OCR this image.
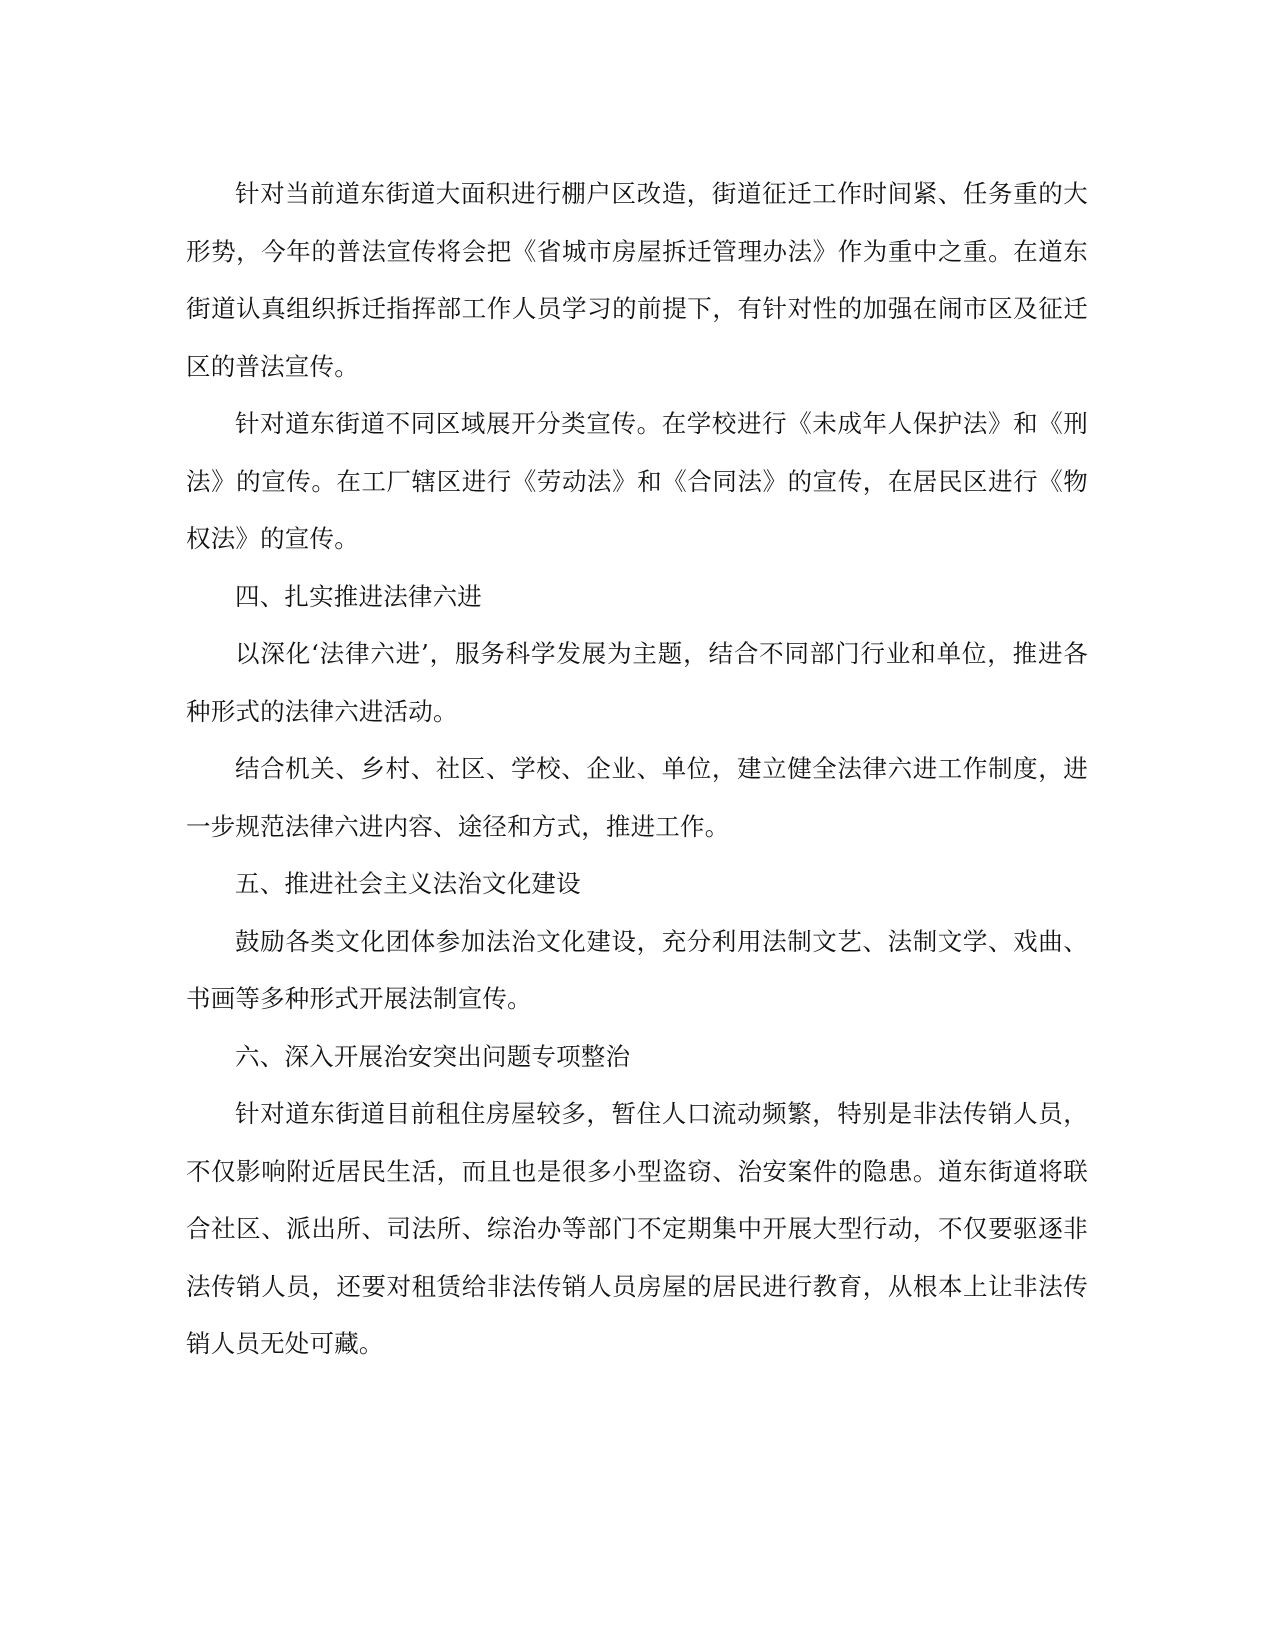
针对当前道东街道大面积进行棚户区改造，街道征迁工作时间紧、任务重的大形势，今年的普法宣传将会把《省城市房屋拆迁管理办法》作为重中之重。在道东街道认真组织拆迁指挥部工作人员学习的前提下，有针对性的加强在闹市区及征迁区的普法宣传。

针对道东街道不同区域展开分类宣传。在学校进行《未成年人保护法》和《刑法》的宣传。在工厂辖区进行《劳动法》和《合同法》的宣传，在居民区进行《物权法》的宣传。

四、扎实推进法律六进

以深化‘法律六进’，服务科学发展为主题，结合不同部门行业和单位，推进各种形式的法律六进活动。

结合机关、乡村、社区、学校、企业、单位，建立健全法律六进工作制度，进一步规范法律六进内容、途径和方式，推进工作。

五、推进社会主义法治文化建设

鼓励各类文化团体参加法治文化建设，充分利用法制文艺、法制文学、戏曲、书画等多种形式开展法制宣传。

六、深入开展治安突出问题专项整治

针对道东街道目前租住房屋较多，暂住人口流动频繁，特别是非法传销人员，不仅影响附近居民生活，而且也是很多小型盗窃、治安案件的隐患。道东街道将联合社区、派出所、司法所、综治办等部门不定期集中开展大型行动，不仅要驱逐非法传销人员，还要对租赁给非法传销人员房屋的居民进行教育，从根本上让非法传销人员无处可藏。
